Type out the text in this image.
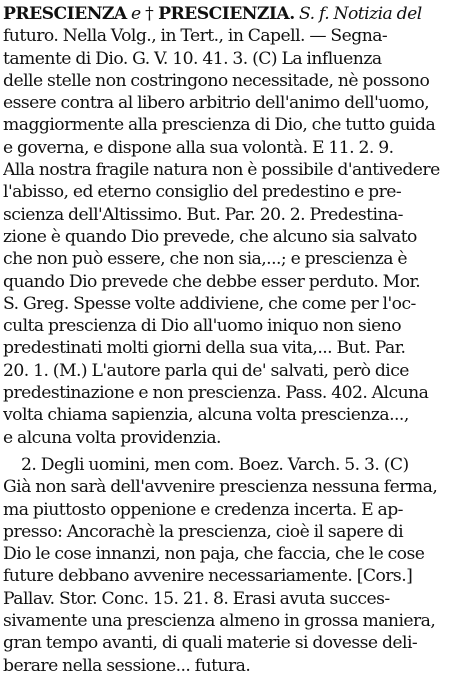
PRESCIENZA e † PRESCIENZIA. S. f. Notizia del
futuro. Nella Volg., in Tert., in Capell. — Segna-
tamente di Dio. G. V. 10. 41. 3. (C) La influenza
delle stelle non costringono necessitade, nè possono
essere contra al libero arbitrio dell'animo dell'uomo,
maggiormente alla prescienza di Dio, che tutto guida
e governa, e dispone alla sua volontà. E 11. 2. 9.
Alla nostra fragile natura non è possibile d'antivedere
l'abisso, ed eterno consiglio del predestino e pre-
scienza dell'Altissimo. But. Par. 20. 2. Predestina-
zione è quando Dio prevede, che alcuno sia salvato
che non può essere, che non sia,...; e prescienza è
quando Dio prevede che debbe esser perduto. Mor.
S. Greg. Spesse volte addiviene, che come per l'oc-
culta prescienza di Dio all'uomo iniquo non sieno
predestinati molti giorni della sua vita,... But. Par.
20. 1. (M.) L'autore parla qui de' salvati, però dice
predestinazione e non prescienza. Pass. 402. Alcuna
volta chiama sapienzia, alcuna volta prescienza...,
e alcuna volta providenzia.
2. Degli uomini, men com. Boez. Varch. 5. 3. (C)
Già non sarà dell'avvenire prescienza nessuna ferma,
ma piuttosto oppenione e credenza incerta. E ap-
presso: Ancorachè la prescienza, cioè il sapere di
Dio le cose innanzi, non paja, che faccia, che le cose
future debbano avvenire necessariamente. [Cors.]
Pallav. Stor. Conc. 15. 21. 8. Erasi avuta succes-
sivamente una prescienza almeno in grossa maniera,
gran tempo avanti, di quali materie si dovesse deli-
berare nella sessione... futura.
